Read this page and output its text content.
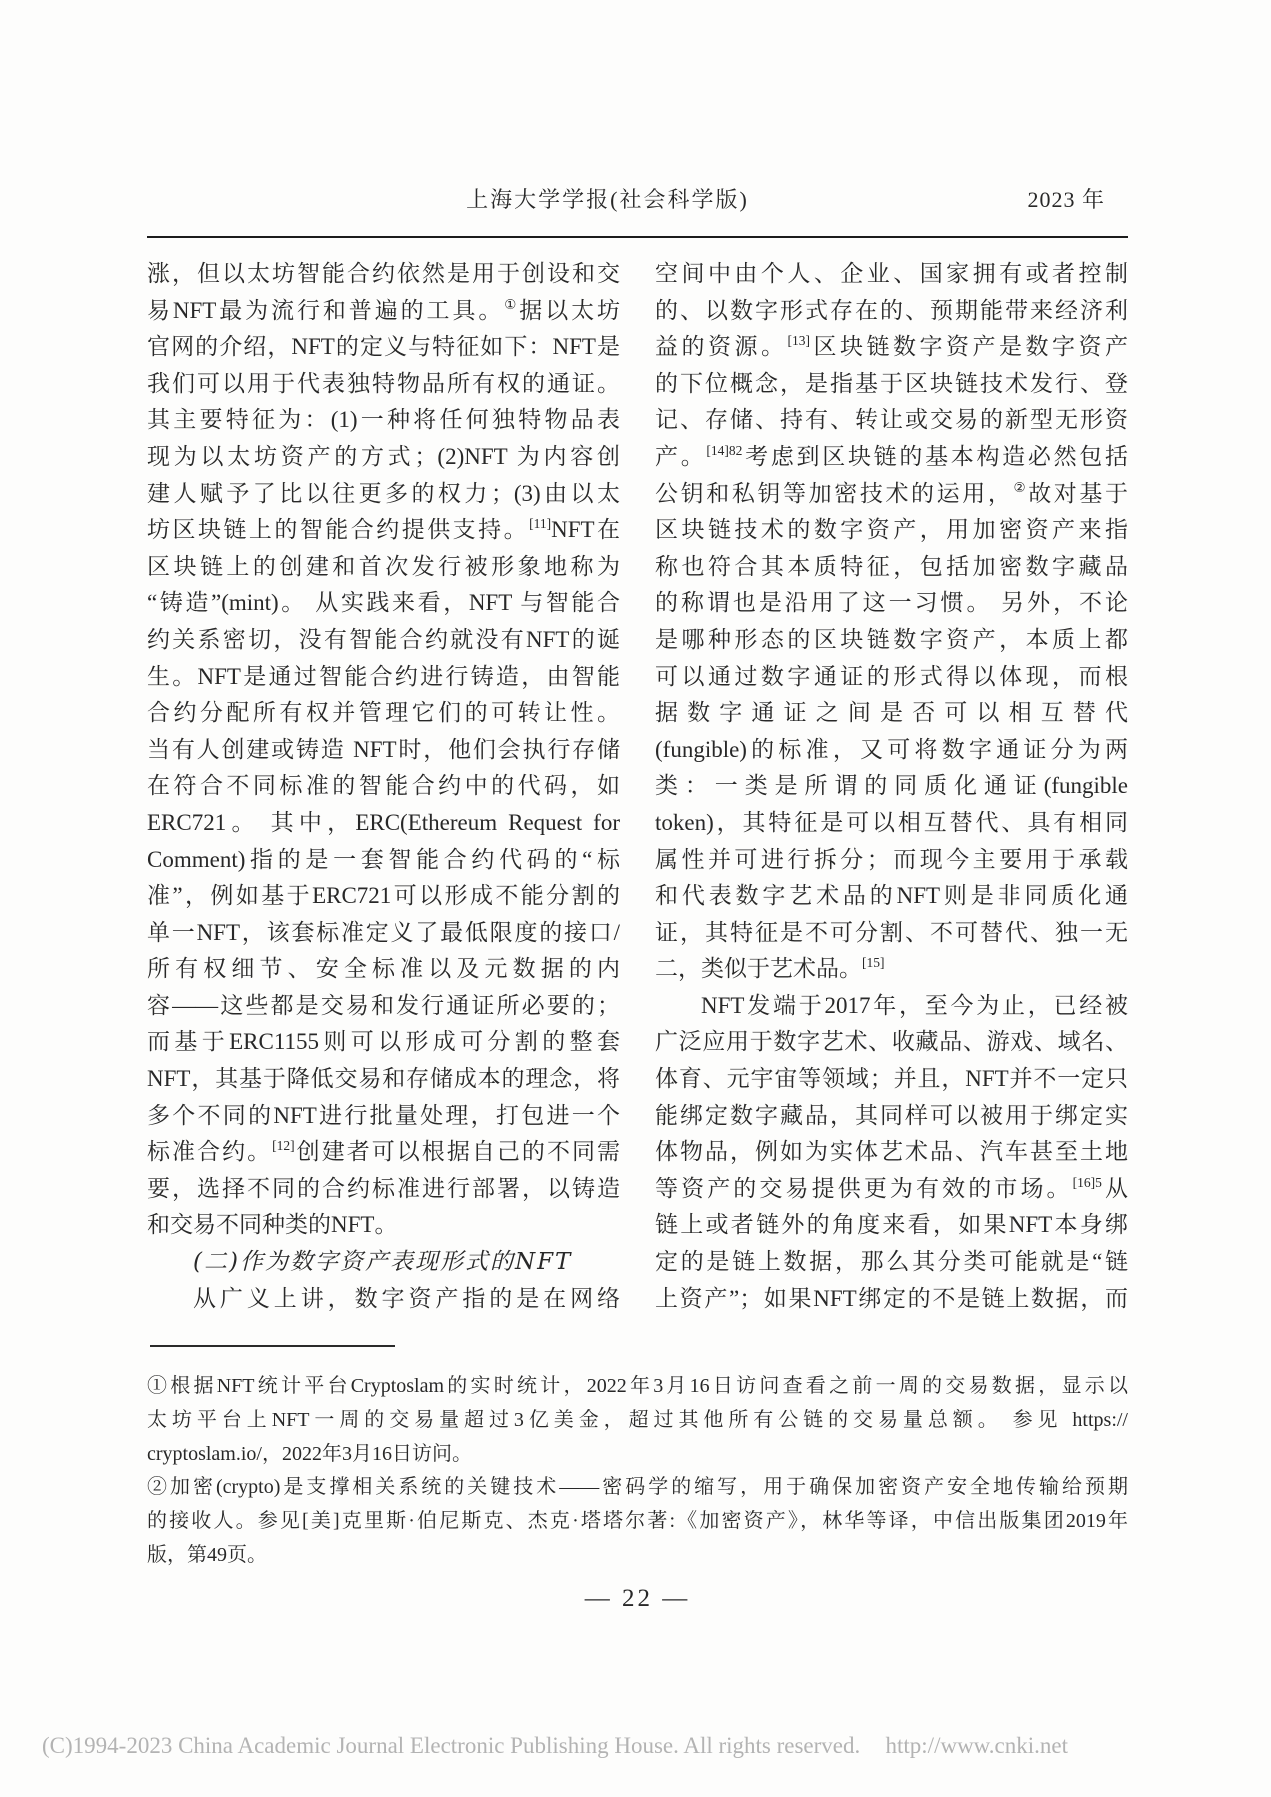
上海大学学报(社会科学版)	2023 年
涨，但以太坊智能合约依然是用于创设和交
易NFT最为流行和普遍的工具。①据以太坊
官网的介绍，NFT的定义与特征如下：NFT是
我们可以用于代表独特物品所有权的通证。
其主要特征为：(1)一种将任何独特物品表
现为以太坊资产的方式；(2)NFT 为内容创
建人赋予了比以往更多的权力；(3)由以太
坊区块链上的智能合约提供支持。[11]NFT在
区块链上的创建和首次发行被形象地称为
“铸造”(mint)。 从实践来看，NFT 与智能合
约关系密切，没有智能合约就没有NFT的诞
生。NFT是通过智能合约进行铸造，由智能
合约分配所有权并管理它们的可转让性。
当有人创建或铸造 NFT时，他们会执行存储
在符合不同标准的智能合约中的代码，如
ERC721。 其中，ERC(Ethereum Request for
Comment)指的是一套智能合约代码的“标
准”，例如基于ERC721可以形成不能分割的
单一NFT，该套标准定义了最低限度的接口/
所有权细节、安全标准以及元数据的内
容——这些都是交易和发行通证所必要的；
而基于ERC1155则可以形成可分割的整套
NFT，其基于降低交易和存储成本的理念，将
多个不同的NFT进行批量处理，打包进一个
标准合约。[12]创建者可以根据自己的不同需
要，选择不同的合约标准进行部署，以铸造
和交易不同种类的NFT。
(二)作为数字资产表现形式的NFT
从广义上讲，数字资产指的是在网络
空间中由个人、企业、国家拥有或者控制
的、以数字形式存在的、预期能带来经济利
益的资源。[13]区块链数字资产是数字资产
的下位概念，是指基于区块链技术发行、登
记、存储、持有、转让或交易的新型无形资
产。$^{[14]82}$考虑到区块链的基本构造必然包括
公钥和私钥等加密技术的运用，②故对基于
区块链技术的数字资产，用加密资产来指
称也符合其本质特征，包括加密数字藏品
的称谓也是沿用了这一习惯。 另外，不论
是哪种形态的区块链数字资产，本质上都
可以通过数字通证的形式得以体现，而根
据数字通证之间是否可以相互替代
(fungible)的标准，又可将数字通证分为两
类：一类是所谓的同质化通证(fungible
token)，其特征是可以相互替代、具有相同
属性并可进行拆分；而现今主要用于承载
和代表数字艺术品的NFT则是非同质化通
证，其特征是不可分割、不可替代、独一无
二，类似于艺术品。[15]
NFT发端于2017年，至今为止，已经被
广泛应用于数字艺术、收藏品、游戏、域名、
体育、元宇宙等领域；并且，NFT并不一定只
能绑定数字藏品，其同样可以被用于绑定实
体物品，例如为实体艺术品、汽车甚至土地
等资产的交易提供更为有效的市场。$^{[16]5}$从
链上或者链外的角度来看，如果NFT本身绑
定的是链上数据，那么其分类可能就是“链
上资产”；如果NFT绑定的不是链上数据，而
①根据NFT统计平台Cryptoslam的实时统计，2022年3月16日访问查看之前一周的交易数据，显示以
太坊平台上NFT一周的交易量超过3亿美金，超过其他所有公链的交易量总额。 参见 https://
cryptoslam.io/，2022年3月16日访问。
②加密(crypto)是支撑相关系统的关键技术——密码学的缩写，用于确保加密资产安全地传输给预期
的接收人。参见[美]克里斯·伯尼斯克、杰克·塔塔尔著:《加密资产》，林华等译，中信出版集团2019年
版，第49页。
— 22 —
(C)1994-2023 China Academic Journal Electronic Publishing House. All rights reserved. http://www.cnki.net
